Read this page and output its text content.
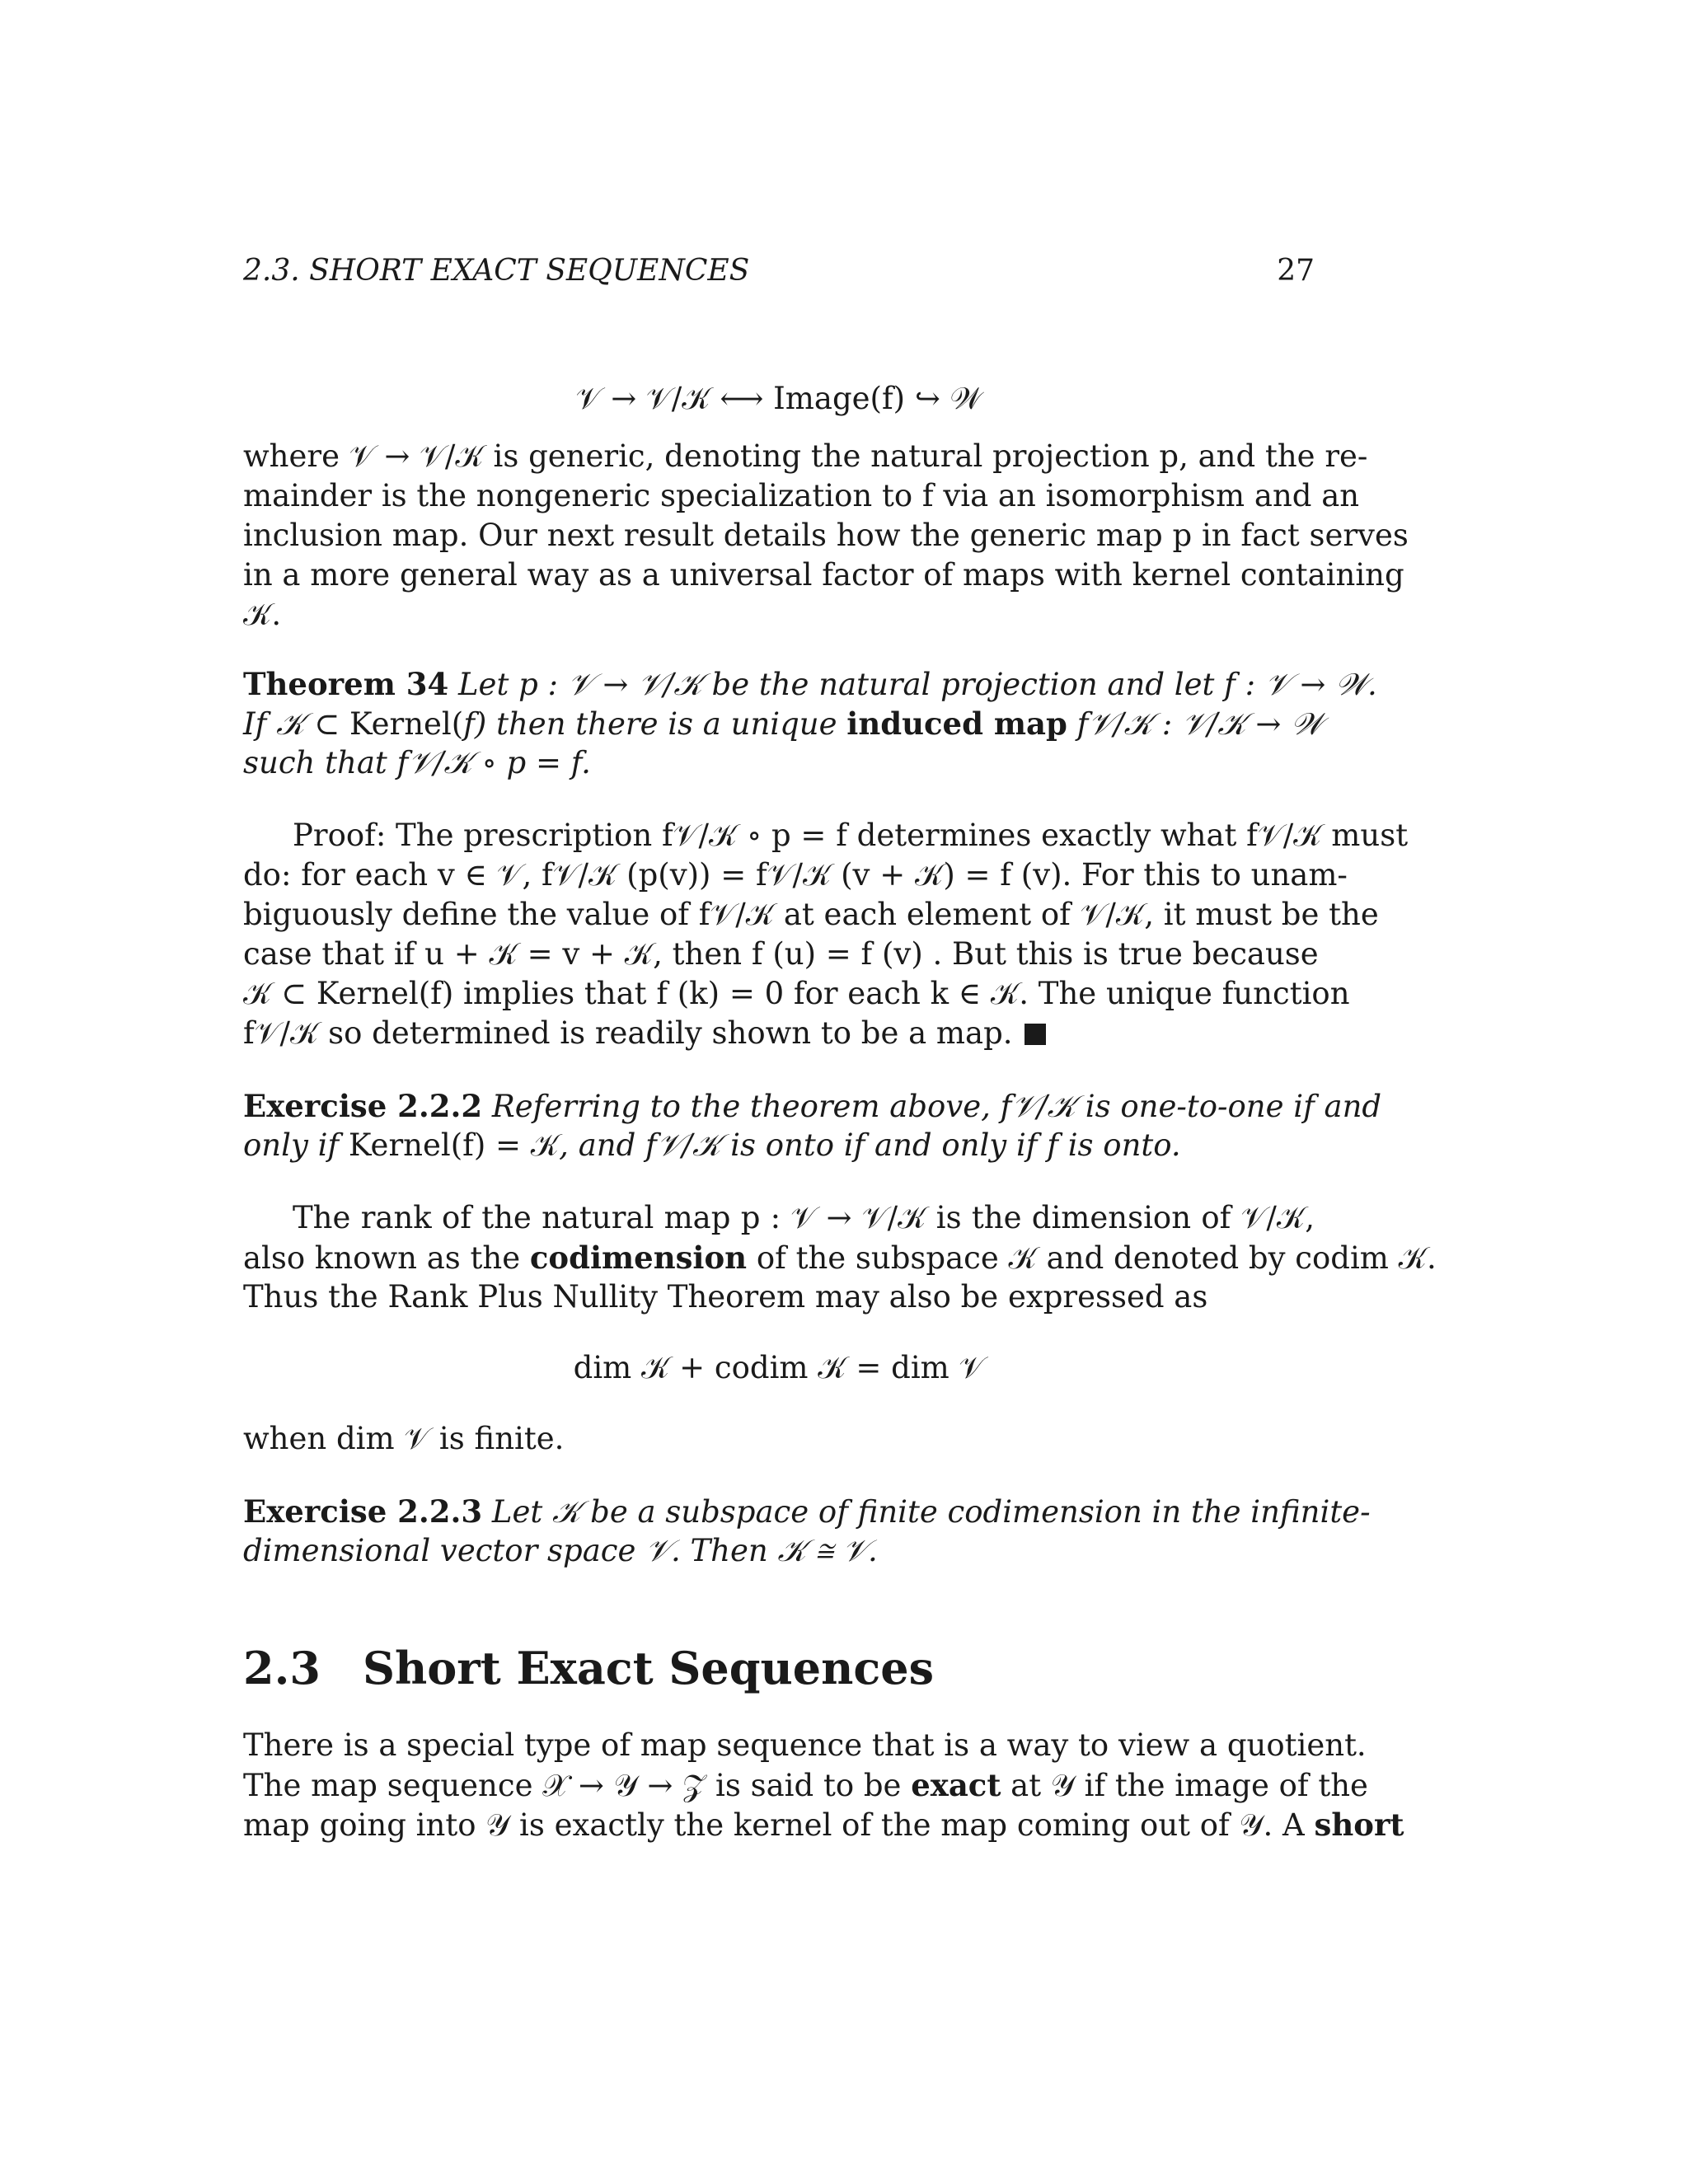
2.3. SHORT EXACT SEQUENCES	27

𝒱 → 𝒱/𝒦 ⟷ Image(f) ↪ 𝒲

where 𝒱 → 𝒱/𝒦 is generic, denoting the natural projection p, and the re-

mainder is the nongeneric specialization to f via an isomorphism and an

inclusion map. Our next result details how the generic map p in fact serves

in a more general way as a universal factor of maps with kernel containing

𝒦.

Theorem 34 Let p : 𝒱 → 𝒱/𝒦 be the natural projection and let f : 𝒱 → 𝒲.

If 𝒦 ⊂ Kernel(f) then there is a unique induced map f𝒱/𝒦 : 𝒱/𝒦 → 𝒲

such that f𝒱/𝒦 ∘ p = f.

Proof: The prescription f𝒱/𝒦 ∘ p = f determines exactly what f𝒱/𝒦 must

do: for each v ∈ 𝒱, f𝒱/𝒦 (p(v)) = f𝒱/𝒦 (v + 𝒦) = f (v). For this to unam-

biguously define the value of f𝒱/𝒦 at each element of 𝒱/𝒦, it must be the

case that if u + 𝒦 = v + 𝒦, then f (u) = f (v) . But this is true because

𝒦 ⊂ Kernel(f) implies that f (k) = 0 for each k ∈ 𝒦. The unique function

f𝒱/𝒦 so determined is readily shown to be a map.

Exercise 2.2.2 Referring to the theorem above, f𝒱/𝒦 is one-to-one if and

only if Kernel(f) = 𝒦, and f𝒱/𝒦 is onto if and only if f is onto.

The rank of the natural map p : 𝒱 → 𝒱/𝒦 is the dimension of 𝒱/𝒦,

also known as the codimension of the subspace 𝒦 and denoted by codim 𝒦.

Thus the Rank Plus Nullity Theorem may also be expressed as

dim 𝒦 + codim 𝒦 = dim 𝒱

when dim 𝒱 is finite.

Exercise 2.2.3 Let 𝒦 be a subspace of finite codimension in the infinite-

dimensional vector space 𝒱. Then 𝒦 ≅ 𝒱.

2.3 Short Exact Sequences

There is a special type of map sequence that is a way to view a quotient.

The map sequence 𝒳 → 𝒴 → 𝒵 is said to be exact at 𝒴 if the image of the

map going into 𝒴 is exactly the kernel of the map coming out of 𝒴. A short
